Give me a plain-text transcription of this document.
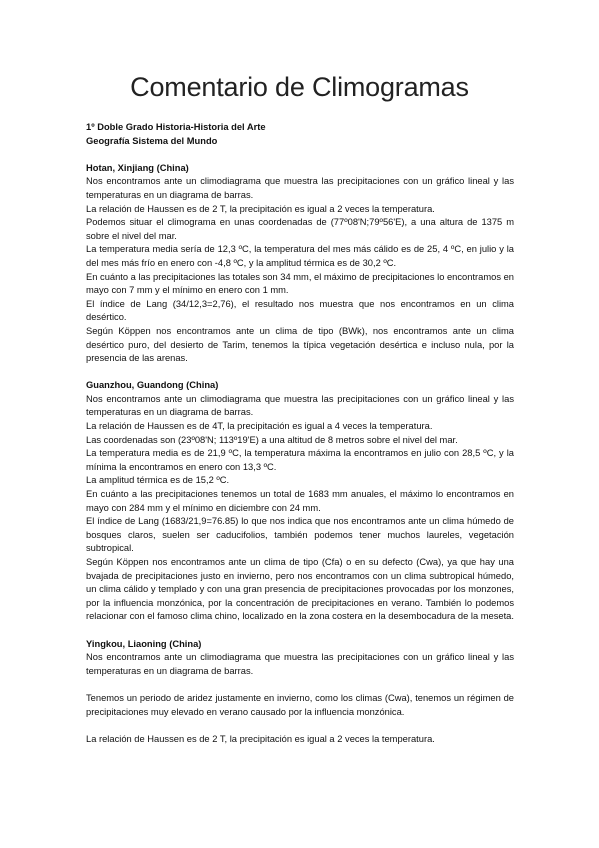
Comentario de Climogramas

1º Doble Grado Historia-Historia del Arte

Geografía Sistema del Mundo

Hotan, Xinjiang (China)

Nos encontramos ante un climodiagrama que muestra las precipitaciones con un gráfico lineal y las temperaturas en un diagrama de barras.

La relación de Haussen es de 2 T, la precipitación es igual a 2 veces la temperatura.

Podemos situar el climograma en unas coordenadas de (77º08'N;79º56'E), a una altura de 1375 m sobre el nivel del mar.

La temperatura media sería de 12,3 ºC, la temperatura del mes más cálido es de 25, 4 ºC, en julio y la del mes más frío en enero con -4,8 ºC, y la amplitud térmica es de 30,2 ºC.

En cuánto a las precipitaciones las totales son 34 mm, el máximo de precipitaciones lo encontramos en mayo con 7 mm y el mínimo en enero con 1 mm.

El índice de Lang (34/12,3=2,76), el resultado nos muestra que nos encontramos en un clima desértico.

Según Köppen nos encontramos ante un clima de tipo (BWk), nos encontramos ante un clima desértico puro, del desierto de Tarim, tenemos la típica vegetación desértica e incluso nula, por la presencia de las arenas.

Guanzhou, Guandong (China)

Nos encontramos ante un climodiagrama que muestra las precipitaciones con un gráfico lineal y las temperaturas en un diagrama de barras.

La relación de Haussen es de 4T, la precipitación es igual a 4 veces la temperatura.

Las coordenadas son (23º08'N; 113º19'E) a una altitud de 8 metros sobre el nivel del mar.

La temperatura media es de 21,9 ºC, la temperatura máxima la encontramos en julio con 28,5 ºC, y la mínima la encontramos en enero con 13,3 ºC.

La amplitud térmica es de 15,2 ºC.

En cuánto a las precipitaciones tenemos un total de 1683 mm anuales, el máximo lo encontramos en mayo con 284 mm y el mínimo en diciembre con 24 mm.

El índice de Lang (1683/21,9=76.85) lo que nos indica que nos encontramos ante un clima húmedo de bosques claros, suelen ser caducifolios, también podemos tener muchos laureles, vegetación subtropical.

Según Köppen nos encontramos ante un clima de tipo (Cfa) o en su defecto (Cwa), ya que hay una bvajada de precipitaciones justo en invierno, pero nos encontramos con un clima subtropical húmedo, un clima cálido y templado y con una gran presencia de precipitaciones provocadas por los monzones, por la influencia monzónica, por la concentración de precipitaciones en verano. También lo podemos relacionar con el famoso clima chino, localizado en la zona costera en la desembocadura de la meseta.

Yingkou, Liaoning (China)

Nos encontramos ante un climodiagrama que muestra las precipitaciones con un gráfico lineal y las temperaturas en un diagrama de barras.

Tenemos un periodo de aridez justamente en invierno, como los climas (Cwa), tenemos un régimen de precipitaciones muy elevado en verano causado por la influencia monzónica.

La relación de Haussen es de 2 T, la precipitación es igual a 2 veces la temperatura.
